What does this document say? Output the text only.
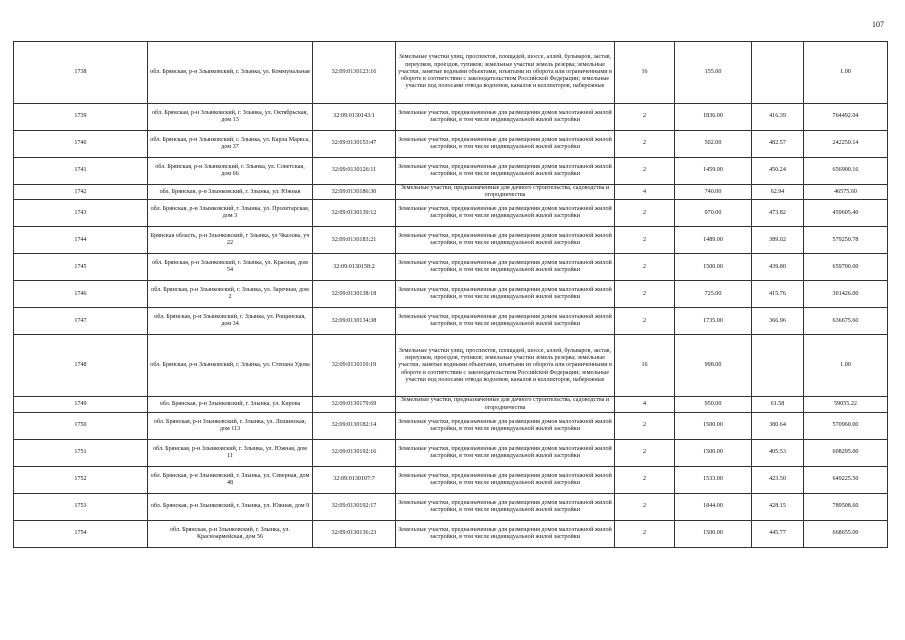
107
1738	обл. Брянская, р-н Злынковский, г. Злынка, ул. Коммунальная	32:09:0130123:16	Земельные участки улиц, проспектов, площадей, шоссе, аллей, бульваров, застав, переулков, проездов, тупиков; земельные участки земель резерва; земельные участки, занятые водными объектами, изъятыми из оборота или ограниченными в обороте в соответствии с законодательством Российской Федерации; земельные участки под полосами отвода водоемов, каналов и коллекторов, набережные	16	155.00		1.00
1739	обл. Брянская, р-н Злынковский, г. Злынка, ул. Октябрьская, дом 13	32:09:0130143:1	Земельные участки, предназначенные для размещения домов малоэтажной жилой застройки, в том числе индивидуальной жилой застройки	2	1836.00	416.39	764492.04
1740	обл. Брянская, р-н Злынковский, г. Злынка, ул. Карла Маркса, дом 37	32:09:0130153:47	Земельные участки, предназначенные для размещения домов малоэтажной жилой застройки, в том числе индивидуальной жилой застройки	2	502.00	482.57	242250.14
1741	обл. Брянская, р-н Злынковский, г. Злынка, ул. Советская, дом 66	32:09:0130126:11	Земельные участки, предназначенные для размещения домов малоэтажной жилой застройки, в том числе индивидуальной жилой застройки	2	1459.00	450.24	656900.16
1742	обл. Брянская, р-н Злынковский, г. Злынка, ул. Южная	32:09:0130186:30	Земельные участки, предназначенные для дачного строительства, садоводства и огородничества	4	740.00	62.94	46575.60
1743	обл. Брянская, р-н Злынковский, г. Злынка, ул. Пролетарская, дом 3	32:09:0130139:12	Земельные участки, предназначенные для размещения домов малоэтажной жилой застройки, в том числе индивидуальной жилой застройки	2	970.00	473.82	459605.40
1744	Брянская область, р-н Злынковский, г Злынка, ул Чкалова, уч 22	32:09:0130183:21	Земельные участки, предназначенные для размещения домов малоэтажной жилой застройки, в том числе индивидуальной жилой застройки	2	1489.00	389.02	579250.78
1745	обл. Брянская, р-н Злынковский, г. Злынка, ул. Красная, дом 54	32:09:0130158:2	Земельные участки, предназначенные для размещения домов малоэтажной жилой застройки, в том числе индивидуальной жилой застройки	2	1500.00	439.80	659700.00
1746	обл. Брянская, р-н Злынковский, г. Злынка, ул. Заречная, дом 2	32:09:0130138:18	Земельные участки, предназначенные для размещения домов малоэтажной жилой застройки, в том числе индивидуальной жилой застройки	2	725.00	415.76	301426.00
1747	обл. Брянская, р-н Злынковский, г. Злынка, ул. Рощинская, дом 34	32:09:0130134:38	Земельные участки, предназначенные для размещения домов малоэтажной жилой застройки, в том числе индивидуальной жилой застройки	2	1735.00	366.96	636675.60
1748	обл. Брянская, р-н Злынковский, г. Злынка, ул. Степана Удова	32:09:0130110:19	Земельные участки улиц, проспектов, площадей, шоссе, аллей, бульваров, застав, переулков, проездов, тупиков; земельные участки земель резерва; земельные участки, занятые водными объектами, изъятыми из оборота или ограниченными в обороте в соответствии с законодательством Российской Федерации; земельные участки под полосами отвода водоемов, каналов и коллекторов, набережные	16	998.00		1.00
1749	обл. Брянская, р-н Злынковский, г. Злынка, ул. Кирова	32:09:0130179:69	Земельные участки, предназначенные для дачного строительства, садоводства и огородничества	4	950.00	61.58	59055.22
1750	обл. Брянская, р-н Злынковский, г. Злынка, ул. Лешинская, дом 113	32:09:0130182:14	Земельные участки, предназначенные для размещения домов малоэтажной жилой застройки, в том числе индивидуальной жилой застройки	2	1500.00	380.64	570960.00
1751	обл. Брянская, р-н Злынковский, г. Злынка, ул. Южная, дом 11	32:09:0130192:16	Земельные участки, предназначенные для размещения домов малоэтажной жилой застройки, в том числе индивидуальной жилой застройки	2	1500.00	405.53	608295.00
1752	обл. Брянская, р-н Злынковский, г. Злынка, ул. Северная, дом 48	32:09:0130107:7	Земельные участки, предназначенные для размещения домов малоэтажной жилой застройки, в том числе индивидуальной жилой застройки	2	1533.00	423.50	649225.50
1753	обл. Брянская, р-н Злынковский, г. Злынка, ул. Южная, дом 9	32:09:0130192:17	Земельные участки, предназначенные для размещения домов малоэтажной жилой застройки, в том числе индивидуальной жилой застройки	2	1844.00	428.15	789508.60
1754	обл. Брянская, р-н Злынковский, г. Злынка, ул. Красноармейская, дом 56	32:09:0130136:23	Земельные участки, предназначенные для размещения домов малоэтажной жилой застройки, в том числе индивидуальной жилой застройки	2	1500.00	445.77	668655.00
